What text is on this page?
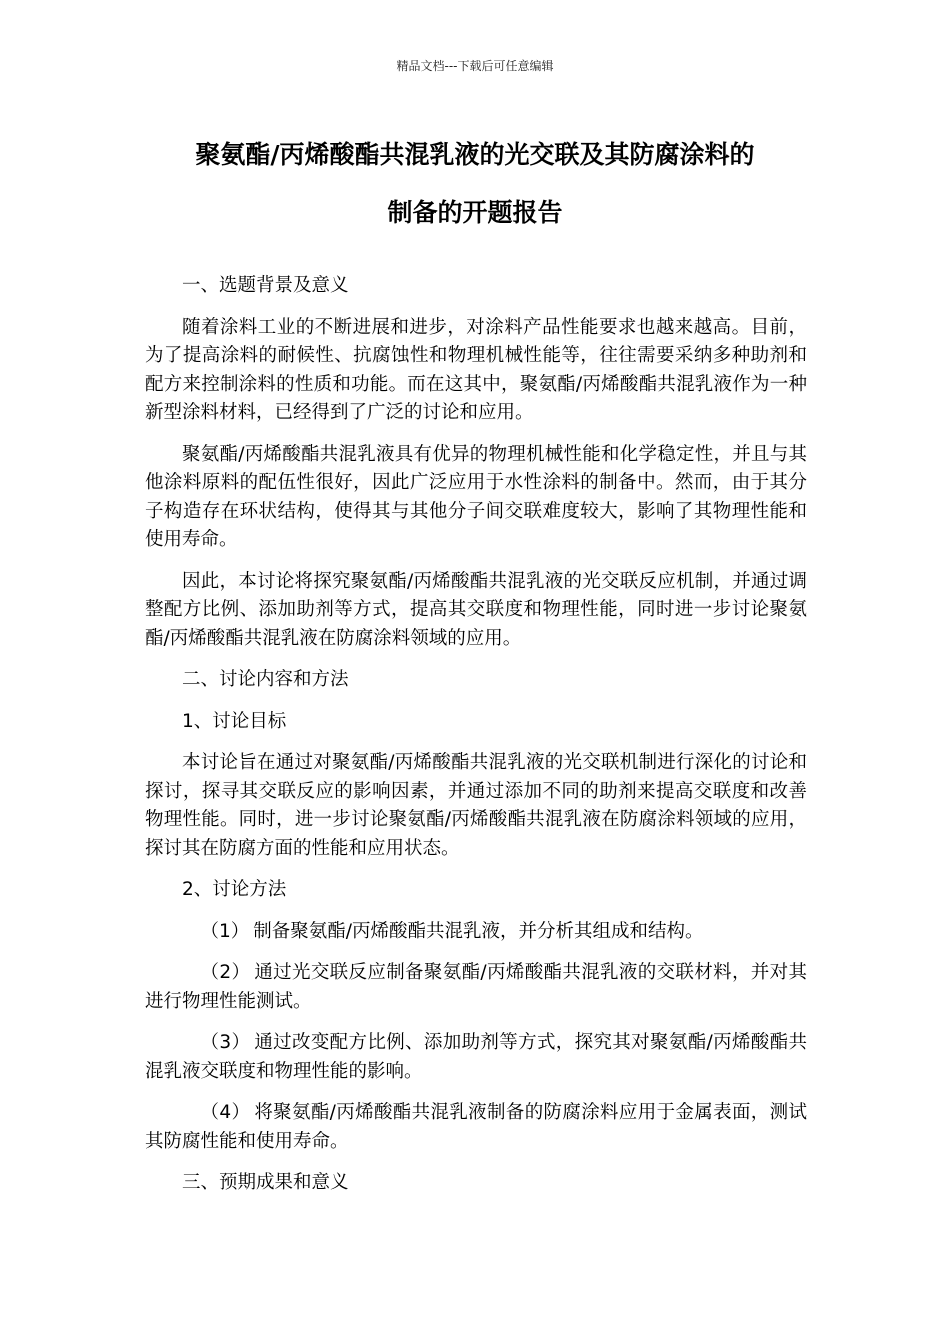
精品文档---下载后可任意编辑
聚氨酯/丙烯酸酯共混乳液的光交联及其防腐涂料的
制备的开题报告

一、选题背景及意义

随着涂料工业的不断进展和进步，对涂料产品性能要求也越来越高。目前，为了提高涂料的耐候性、抗腐蚀性和物理机械性能等，往往需要采纳多种助剂和配方来控制涂料的性质和功能。而在这其中，聚氨酯/丙烯酸酯共混乳液作为一种新型涂料材料，已经得到了广泛的讨论和应用。

聚氨酯/丙烯酸酯共混乳液具有优异的物理机械性能和化学稳定性，并且与其他涂料原料的配伍性很好，因此广泛应用于水性涂料的制备中。然而，由于其分子构造存在环状结构，使得其与其他分子间交联难度较大，影响了其物理性能和使用寿命。

因此，本讨论将探究聚氨酯/丙烯酸酯共混乳液的光交联反应机制，并通过调整配方比例、添加助剂等方式，提高其交联度和物理性能，同时进一步讨论聚氨酯/丙烯酸酯共混乳液在防腐涂料领域的应用。

二、讨论内容和方法

1、讨论目标

本讨论旨在通过对聚氨酯/丙烯酸酯共混乳液的光交联机制进行深化的讨论和探讨，探寻其交联反应的影响因素，并通过添加不同的助剂来提高交联度和改善物理性能。同时，进一步讨论聚氨酯/丙烯酸酯共混乳液在防腐涂料领域的应用，探讨其在防腐方面的性能和应用状态。

2、讨论方法

（1） 制备聚氨酯/丙烯酸酯共混乳液，并分析其组成和结构。

（2） 通过光交联反应制备聚氨酯/丙烯酸酯共混乳液的交联材料，并对其进行物理性能测试。

（3） 通过改变配方比例、添加助剂等方式，探究其对聚氨酯/丙烯酸酯共混乳液交联度和物理性能的影响。

（4） 将聚氨酯/丙烯酸酯共混乳液制备的防腐涂料应用于金属表面，测试其防腐性能和使用寿命。

三、预期成果和意义
